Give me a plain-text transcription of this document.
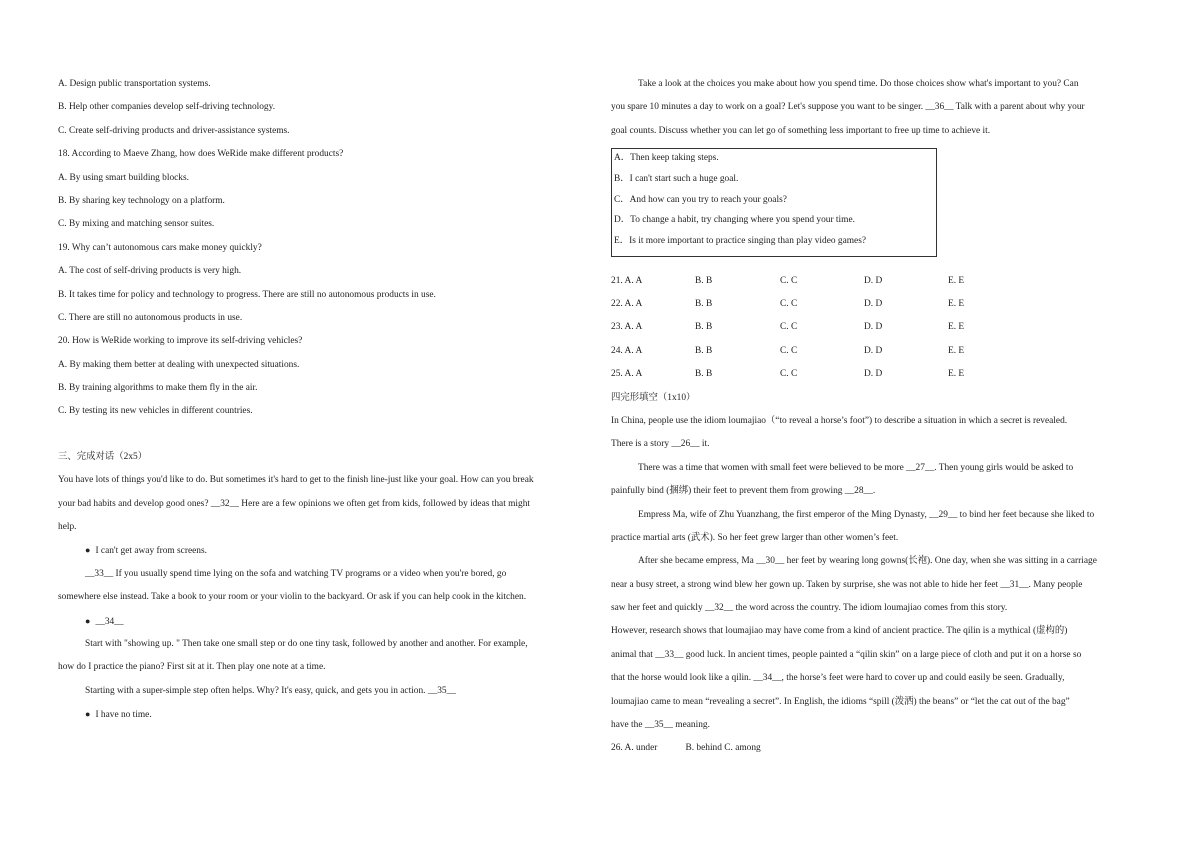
A. Design public transportation systems.
B. Help other companies develop self-driving technology.
C. Create self-driving products and driver-assistance systems.
18. According to Maeve Zhang, how does WeRide make different products?
A. By using smart building blocks.
B. By sharing key technology on a platform.
C. By mixing and matching sensor suites.
19. Why can’t autonomous cars make money quickly?
A. The cost of self-driving products is very high.
B. It takes time for policy and technology to progress. There are still no autonomous products in use.
C. There are still no autonomous products in use.
20. How is WeRide working to improve its self-driving vehicles?
A. By making them better at dealing with unexpected situations.
B. By training algorithms to make them fly in the air.
C. By testing its new vehicles in different countries.
三、完成对话（2x5）
You have lots of things you'd like to do. But sometimes it's hard to get to the finish line-just like your goal. How can you break
your bad habits and develop good ones? __32__ Here are a few opinions we often get from kids, followed by ideas that might
help.
● I can't get away from screens.
__33__ If you usually spend time lying on the sofa and watching TV programs or a video when you're bored, go
somewhere else instead. Take a book to your room or your violin to the backyard. Or ask if you can help cook in the kitchen.
● __34__
Start with "showing up. " Then take one small step or do one tiny task, followed by another and another. For example,
how do I practice the piano? First sit at it. Then play one note at a time.
Starting with a super-simple step often helps. Why? It's easy, quick, and gets you in action. __35__
● I have no time.
Take a look at the choices you make about how you spend time. Do those choices show what's important to you? Can
you spare 10 minutes a day to work on a goal? Let's suppose you want to be singer. __36__ Talk with a parent about why your
goal counts. Discuss whether you can let go of something less important to free up time to achieve it.
A．Then keep taking steps.
B．I can't start such a huge goal.
C．And how can you try to reach your goals?
D．To change a habit, try changing where you spend your time.
E．Is it more important to practice singing than play video games?
21. A. A	B. B	C. C	D. D	E. E
22. A. A	B. B	C. C	D. D	E. E
23. A. A	B. B	C. C	D. D	E. E
24. A. A	B. B	C. C	D. D	E. E
25. A. A	B. B	C. C	D. D	E. E
四完形填空（1x10）
In China, people use the idiom loumajiao（“to reveal a horse’s foot”) to describe a situation in which a secret is revealed.
There is a story __26__ it.
There was a time that women with small feet were believed to be more __27__. Then young girls would be asked to
painfully bind (捆绑) their feet to prevent them from growing __28__.
Empress Ma, wife of Zhu Yuanzhang, the first emperor of the Ming Dynasty, __29__ to bind her feet because she liked to
practice martial arts (武术). So her feet grew larger than other women’s feet.
After she became empress, Ma __30__ her feet by wearing long gowns(长袍). One day, when she was sitting in a carriage
near a busy street, a strong wind blew her gown up. Taken by surprise, she was not able to hide her feet __31__. Many people
saw her feet and quickly __32__ the word across the country. The idiom loumajiao comes from this story.
However, research shows that loumajiao may have come from a kind of ancient practice. The qilin is a mythical (虚构的)
animal that __33__ good luck. In ancient times, people painted a “qilin skin” on a large piece of cloth and put it on a horse so
that the horse would look like a qilin. __34__, the horse’s feet were hard to cover up and could easily be seen. Gradually,
loumajiao came to mean “revealing a secret”. In English, the idioms “spill (泼洒) the beans” or “let the cat out of the bag”
have the __35__ meaning.
26. A. under            B. behind C. among
